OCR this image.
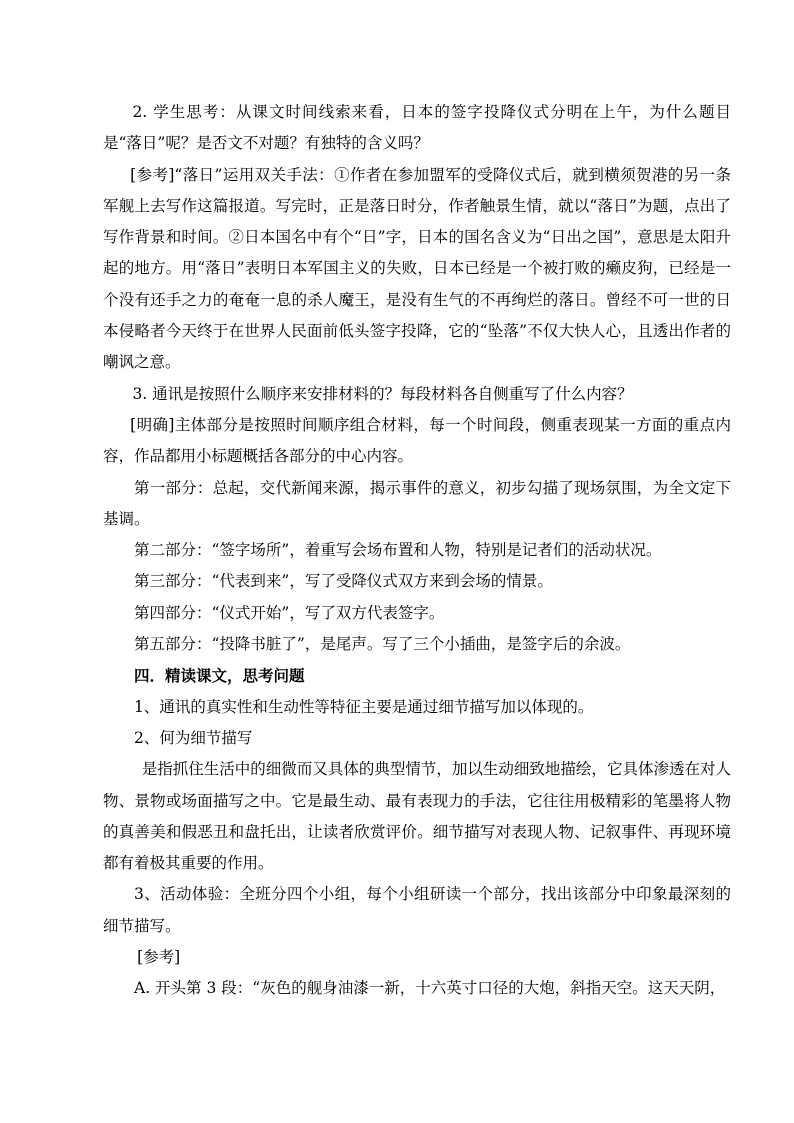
2. 学生思考：从课文时间线索来看，日本的签字投降仪式分明在上午，为什么题目是“落日”呢？是否文不对题？有独特的含义吗？

[参考]“落日”运用双关手法：①作者在参加盟军的受降仪式后，就到横须贺港的另一条军舰上去写作这篇报道。写完时，正是落日时分，作者触景生情，就以“落日”为题，点出了写作背景和时间。②日本国名中有个“日”字，日本的国名含义为“日出之国”，意思是太阳升起的地方。用“落日”表明日本军国主义的失败，日本已经是一个被打败的癞皮狗，已经是一个没有还手之力的奄奄一息的杀人魔王，是没有生气的不再绚烂的落日。曾经不可一世的日本侵略者今天终于在世界人民面前低头签字投降，它的“坠落”不仅大快人心，且透出作者的嘲讽之意。

3. 通讯是按照什么顺序来安排材料的？每段材料各自侧重写了什么内容？

[明确]主体部分是按照时间顺序组合材料，每一个时间段，侧重表现某一方面的重点内容，作品都用小标题概括各部分的中心内容。

第一部分：总起，交代新闻来源，揭示事件的意义，初步勾描了现场氛围，为全文定下基调。

第二部分：“签字场所”，着重写会场布置和人物，特别是记者们的活动状况。

第三部分：“代表到来”，写了受降仪式双方来到会场的情景。

第四部分：“仪式开始”，写了双方代表签字。

第五部分：“投降书脏了”，是尾声。写了三个小插曲，是签字后的余波。

四．精读课文，思考问题

1、通讯的真实性和生动性等特征主要是通过细节描写加以体现的。

2、何为细节描写

是指抓住生活中的细微而又具体的典型情节，加以生动细致地描绘，它具体渗透在对人物、景物或场面描写之中。它是最生动、最有表现力的手法，它往往用极精彩的笔墨将人物的真善美和假恶丑和盘托出，让读者欣赏评价。细节描写对表现人物、记叙事件、再现环境都有着极其重要的作用。

3、活动体验：全班分四个小组，每个小组研读一个部分，找出该部分中印象最深刻的细节描写。

[参考]

A. 开头第 3 段：“灰色的舰身油漆一新，十六英寸口径的大炮，斜指天空。这天天阴，
